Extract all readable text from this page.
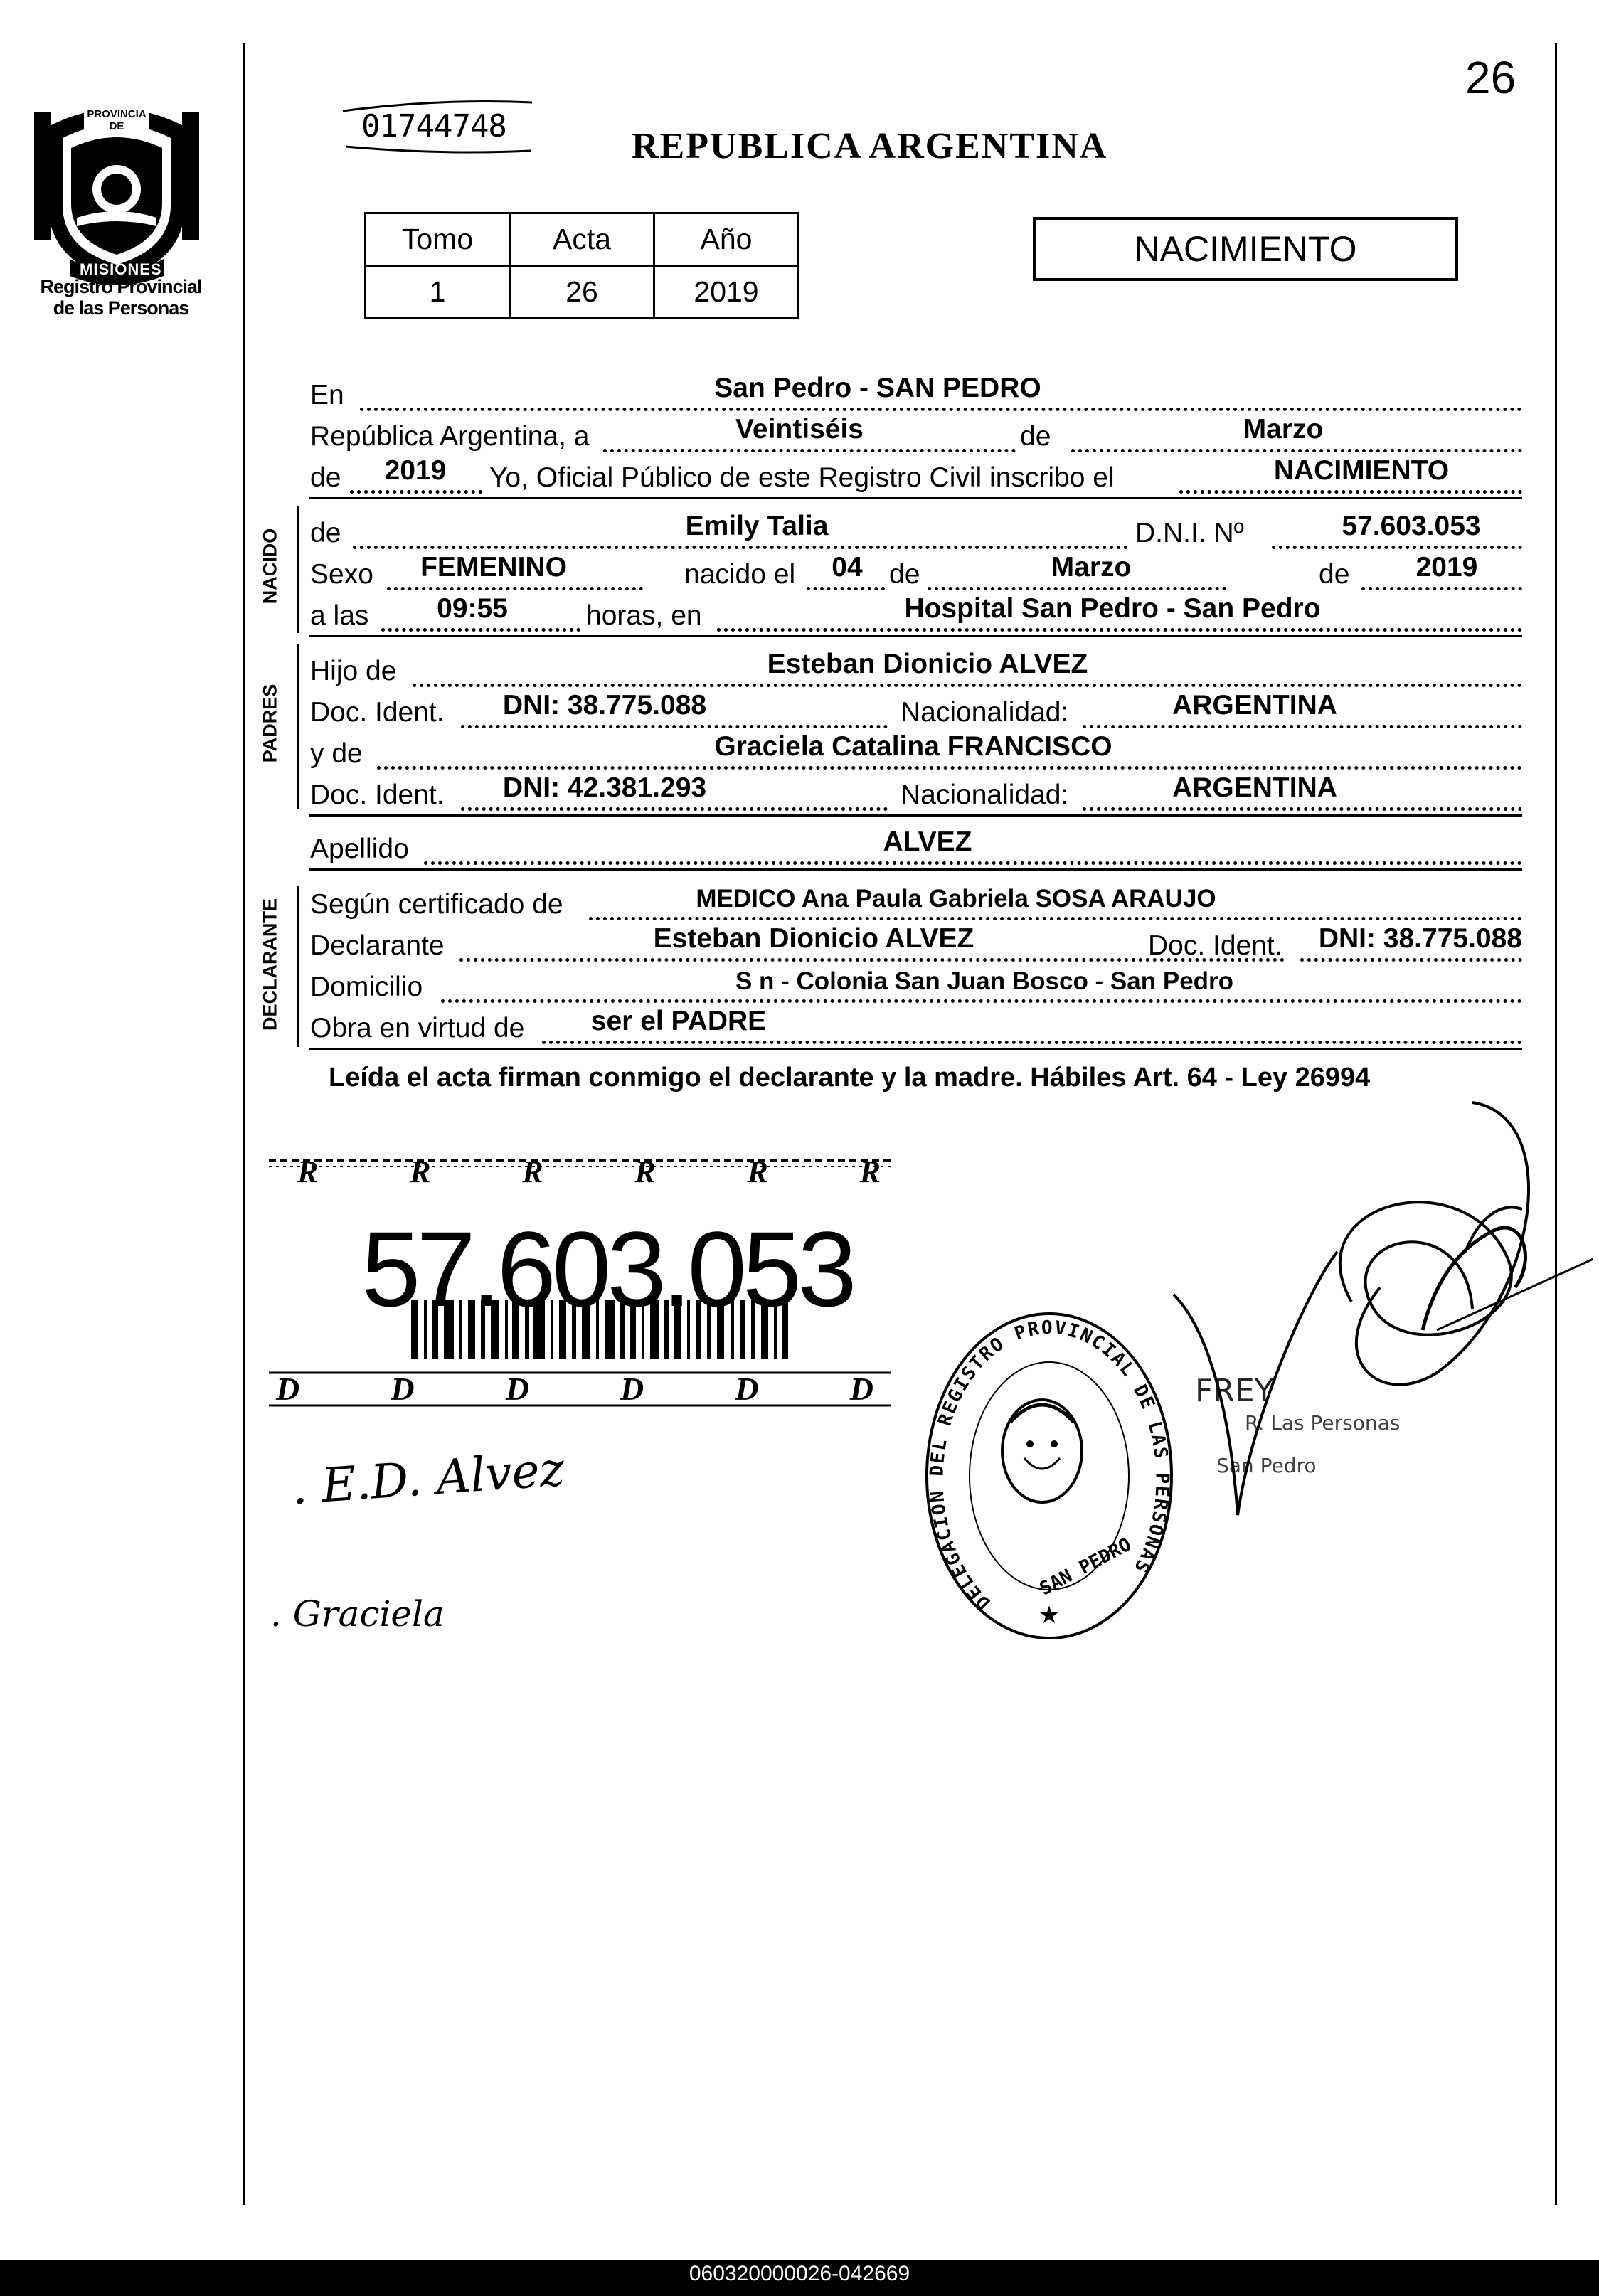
26
01744748	REPUBLICA ARGENTINA
PROVINCIA DE
MISIONES
Registro Provincial
de las Personas
Tomo	Acta	Año
1	26	2019
NACIMIENTO
En	San Pedro - SAN PEDRO
República Argentina, a	Veintiséis	de	Marzo
de	2019	Yo, Oficial Público de este Registro Civil inscribo el	NACIMIENTO
NACIDO de	Emily Talia	D.N.I. Nº	57.603.053
Sexo	FEMENINO	nacido el	04 de	Marzo	de	2019
a las	09:55	horas, en	Hospital San Pedro - San Pedro
PADRES
Hijo de	Esteban Dionicio ALVEZ
Doc. Ident.	DNI: 38.775.088	Nacionalidad:	ARGENTINA
y de	Graciela Catalina FRANCISCO
Doc. Ident.	DNI: 42.381.293	Nacionalidad:	ARGENTINA
Apellido	ALVEZ
DECLARANTE Según certificado de	MEDICO Ana Paula Gabriela SOSA ARAUJO
Declarante	Esteban Dionicio ALVEZ	Doc. Ident.	DNI: 38.775.088
Domicilio	S n - Colonia San Juan Bosco - San Pedro
Obra en virtud de	ser el PADRE
Leída el acta firman conmigo el declarante y la madre. Hábiles Art. 64 - Ley 26994
R	R	R	R	R	R
57.603.053
D	D	D	D	D	D
DELEGACION DEL REGISTRO PROVINCIAL DE LAS PERSONAS
SAN PEDRO
★
FREY
R. Las Personas
San Pedro
. E.D. Alvez
. Graciela
060320000026-042669
